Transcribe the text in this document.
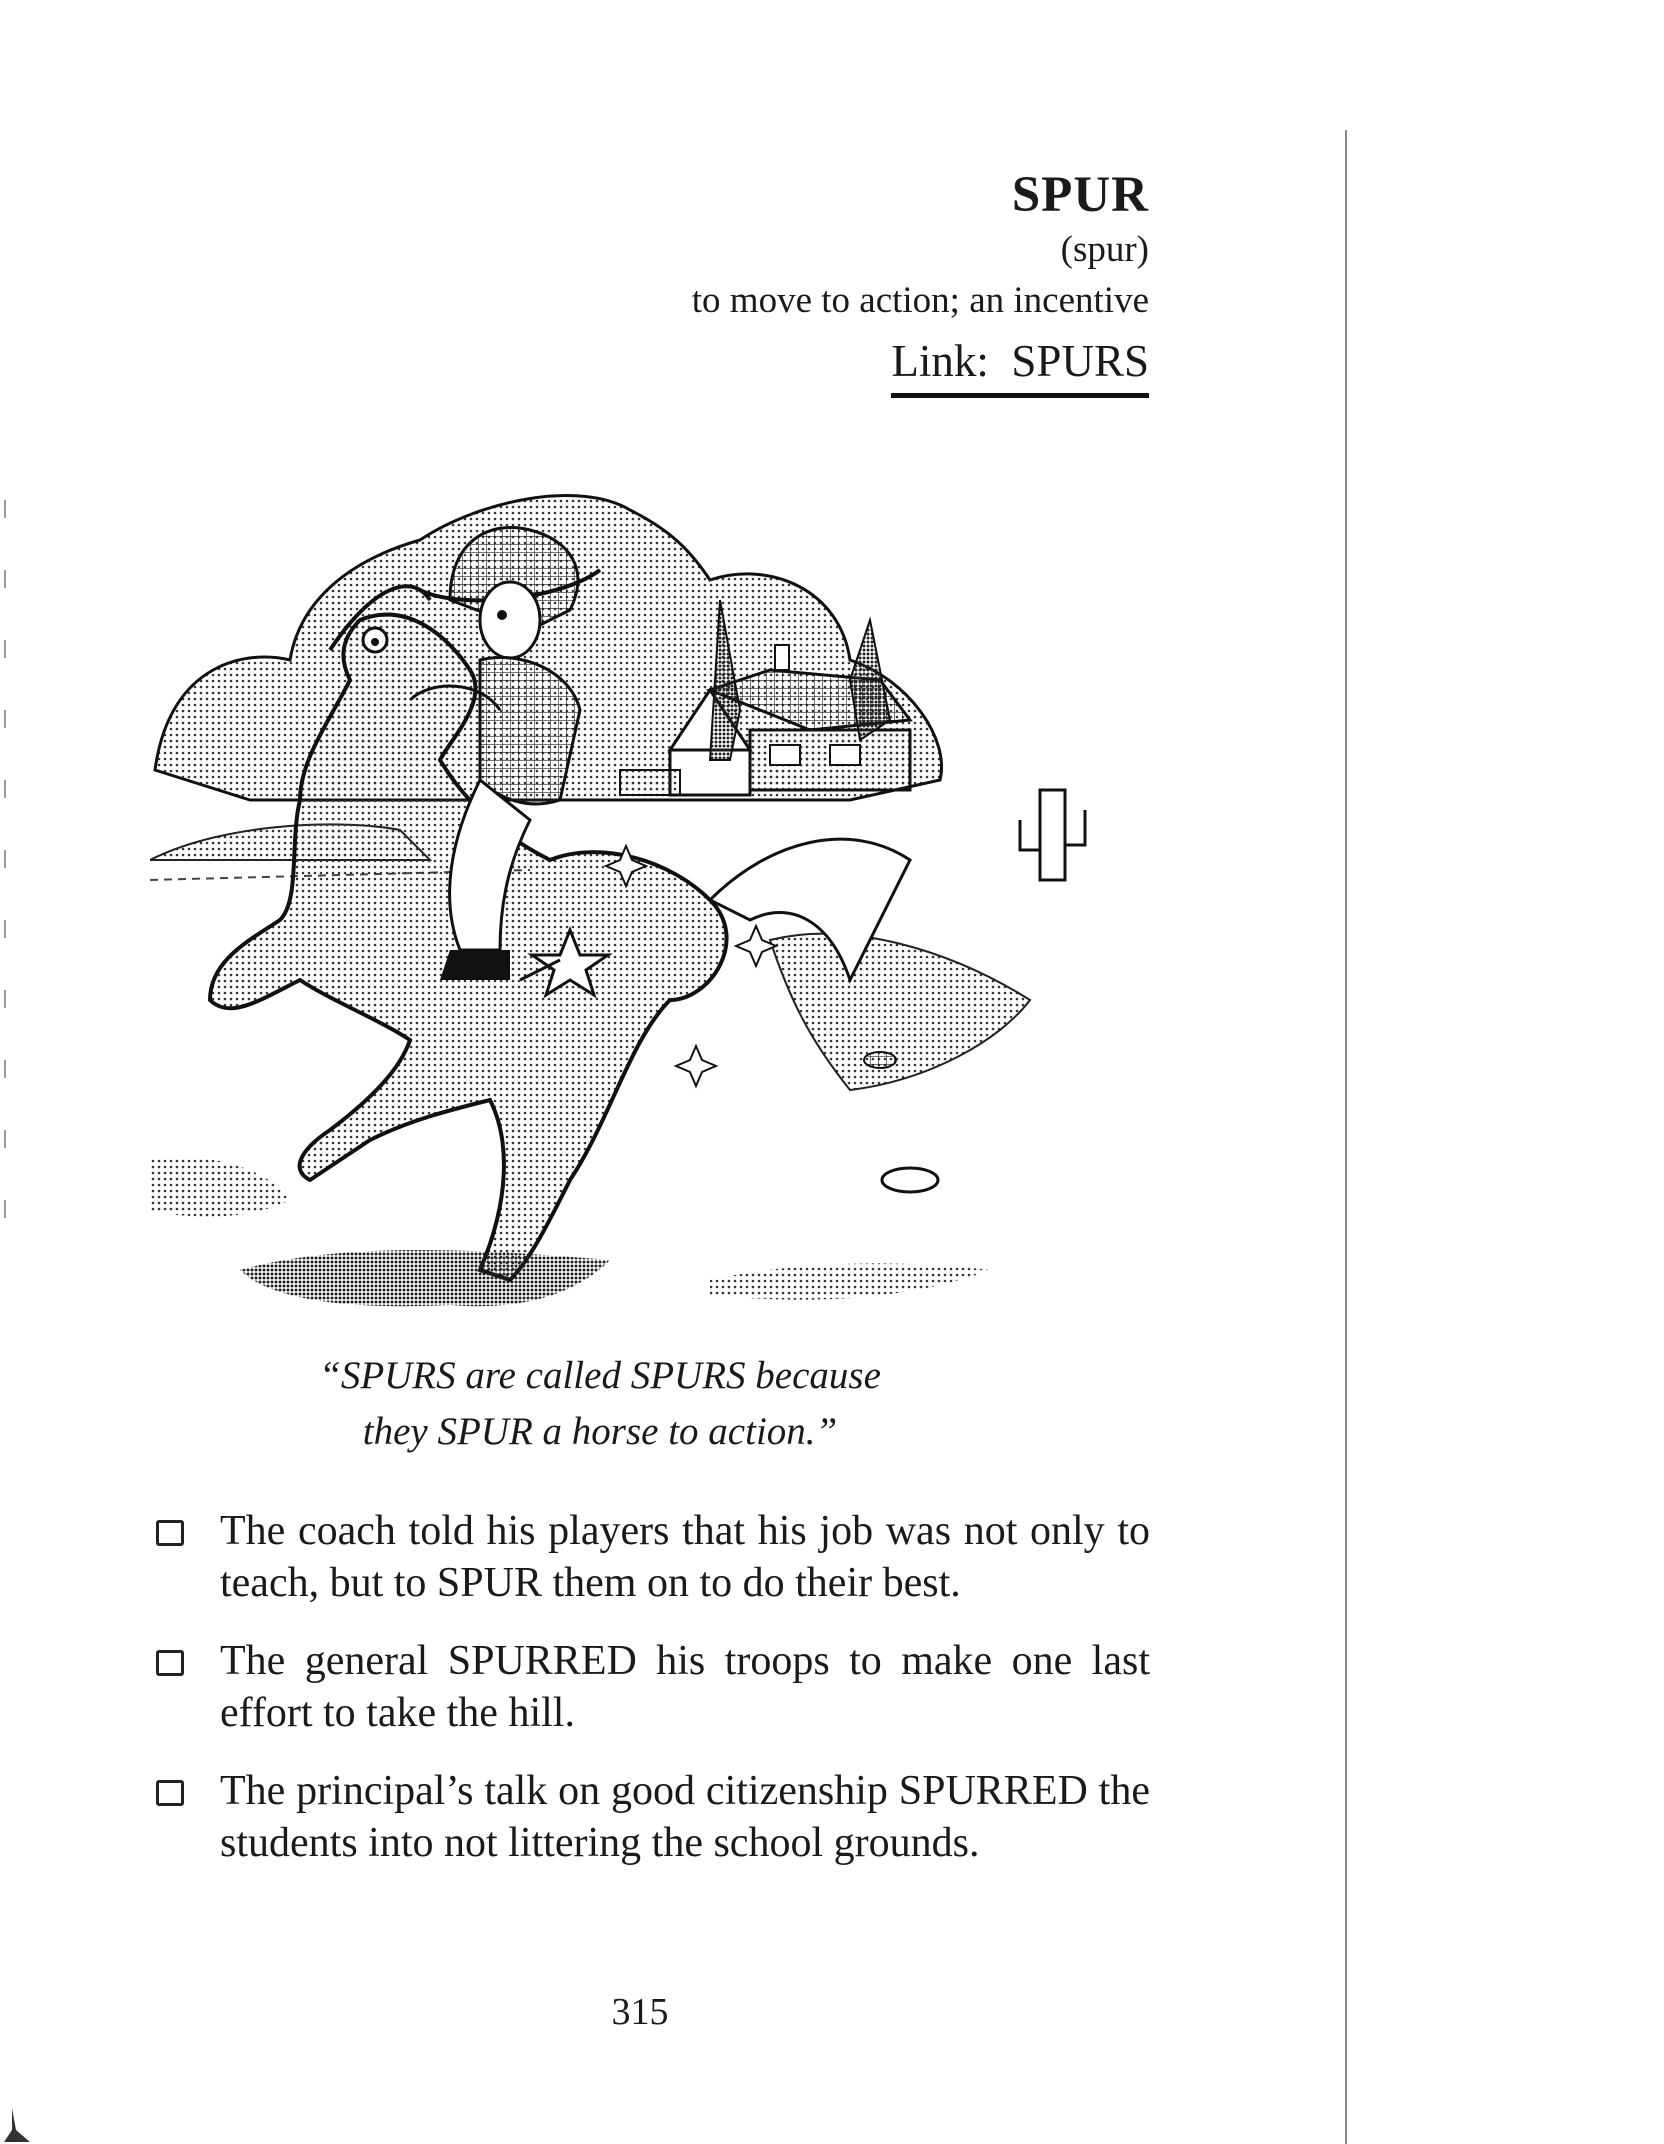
SPUR

(spur)

to move to action; an incentive

Link: SPURS
“SPURS are called SPURS because
they SPUR a horse to action.”
The coach told his players that his job was not only to teach, but to SPUR them on to do their best.
The general SPURRED his troops to make one last effort to take the hill.
The principal’s talk on good citizenship SPURRED the students into not littering the school grounds.
315
